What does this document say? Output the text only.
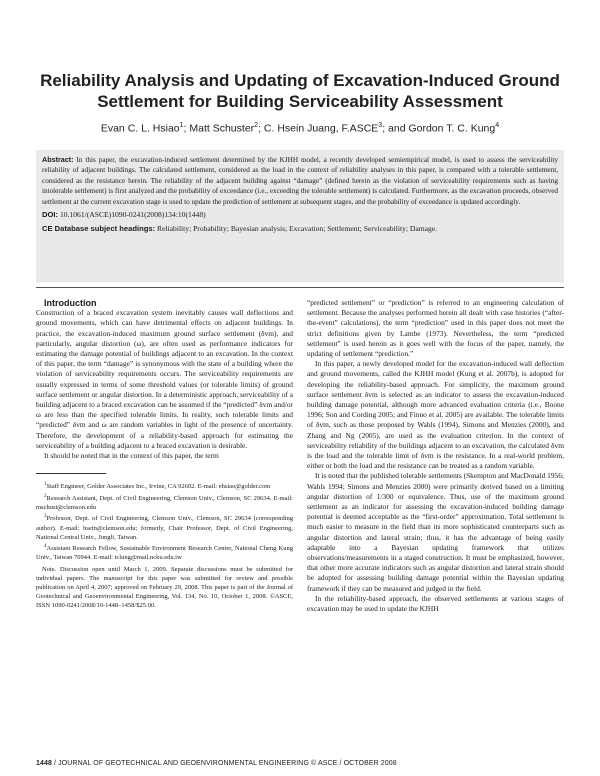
Reliability Analysis and Updating of Excavation-Induced Ground Settlement for Building Serviceability Assessment
Evan C. L. Hsiao$^1$; Matt Schuster$^2$; C. Hsein Juang, F.ASCE$^3$; and Gordon T. C. Kung$^4$
Abstract: In this paper, the excavation-induced settlement determined by the KJHH model, a recently developed semiempirical model, is used to assess the serviceability reliability of adjacent buildings. The calculated settlement, considered as the load in the context of reliability analyses in this paper, is compared with a tolerable settlement, considered as the resistance herein. The reliability of the adjacent building against “damage” (defined herein as the violation of serviceability requirements such as having intolerable settlement) is first analyzed and the probability of exceedance (i.e., exceeding the tolerable settlement) is calculated. Furthermore, as the excavation proceeds, observed settlement at the current excavation stage is used to update the prediction of settlement at subsequent stages, and the probability of exceedance is updated accordingly.
DOI: 10.1061/(ASCE)1090-0241(2008)134:10(1448)
CE Database subject headings: Reliability; Probability; Bayesian analysis; Excavation; Settlement; Serviceability; Damage.

Introduction

Construction of a braced excavation system inevitably causes wall deflections and ground movements, which can have detrimental effects on adjacent buildings. In practice, the excavation-induced maximum ground surface settlement (δvm), and particularly, angular distortion (ω), are often used as performance indicators for estimating the damage potential of buildings adjacent to an excavation. In the context of this paper, the term “damage” is synonymous with the state of a building where the violation of serviceability requirements occurs. The serviceability requirements are usually expressed in terms of some threshold values (or tolerable limits) of ground surface settlement or angular distortion. In a deterministic approach, serviceability of a building adjacent to a braced excavation can be assumed if the “predicted” δvm and/or ω are less than the specified tolerable limits. In reality, such tolerable limits and “predicted” δvm and ω are random variables in light of the presence of uncertainty. Therefore, the development of a reliability-based approach for estimating the serviceability of a building adjacent to a braced excavation is desirable.

It should be noted that in the context of this paper, the term

$^1$Staff Engineer, Golder Associates Inc., Irvine, CA 92602. E-mail: ehsiao@golder.com

$^2$Research Assistant, Dept. of Civil Engineering, Clemson Univ., Clemson, SC 29634. E-mail: mschust@clemson.edu

$^3$Professor, Dept. of Civil Engineering, Clemson Univ., Clemson, SC 29634 (corresponding author). E-mail: hsein@clemson.edu; formerly, Chair Professor, Dept. of Civil Engineering, National Central Univ., Jungli, Taiwan.

$^4$Assistant Research Fellow, Sustainable Environment Research Center, National Cheng Kung Univ., Taiwan 70944. E-mail: tclung@mail.ncku.edu.tw

Note. Discussion open until March 1, 2009. Separate discussions must be submitted for individual papers. The manuscript for this paper was submitted for review and possible publication on April 4, 2007; approved on February 29, 2008. This paper is part of the Journal of Geotechnical and Geoenvironmental Engineering, Vol. 134, No. 10, October 1, 2008. ©ASCE, ISSN 1090-0241/2008/10-1448–1458/$25.00.

“predicted settlement” or “prediction” is referred to an engineering calculation of settlement. Because the analyses performed herein all dealt with case histories (“after-the-event” calculations), the term “prediction” used in this paper does not meet the strict definitions given by Lambe (1973). Nevertheless, the term “predicted settlement” is used herein as it goes well with the focus of the paper, namely, the updating of settlement “prediction.”

In this paper, a newly developed model for the excavation-induced wall deflection and ground movements, called the KJHH model (Kung et al. 2007b), is adopted for developing the reliability-based approach. For simplicity, the maximum ground surface settlement δvm is selected as an indicator to assess the excavation-induced building damage potential, although more advanced evaluation criteria (i.e., Boone 1996; Son and Cording 2005; and Finno et al. 2005) are available. The tolerable limits of δvm, such as those proposed by Wahls (1994), Simons and Menzies (2000), and Zhang and Ng (2005), are used as the evaluation criterion. In the context of serviceability reliability of the buildings adjacent to an excavation, the calculated δvm is the load and the tolerable limit of δvm is the resistance. In a real-world problem, either or both the load and the resistance can be treated as a random variable.

It is noted that the published tolerable settlements (Skempton and MacDonald 1956; Wahls 1994; Simons and Menzies 2000) were primarily derived based on a limiting angular distortion of 1/300 or equivalence. Thus, use of the maximum ground settlement as an indicator for assessing the excavation-induced building damage potential is deemed acceptable as the “first-order” approximation. Total settlement is much easier to measure in the field than its more sophisticated counterparts such as angular distortion and lateral strain; thus, it has the advantage of being easily adaptable into a Bayesian updating framework that utilizes observations/measurements in a staged construction. It must be emphasized, however, that other more accurate indicators such as angular distortion and lateral strain should be adopted for assessing building damage potential within the Bayesian updating framework if they can be measured and judged in the field.

In the reliability-based approach, the observed settlements at various stages of excavation may be used to update the KJHH

1448 / JOURNAL OF GEOTECHNICAL AND GEOENVIRONMENTAL ENGINEERING © ASCE / OCTOBER 2008
